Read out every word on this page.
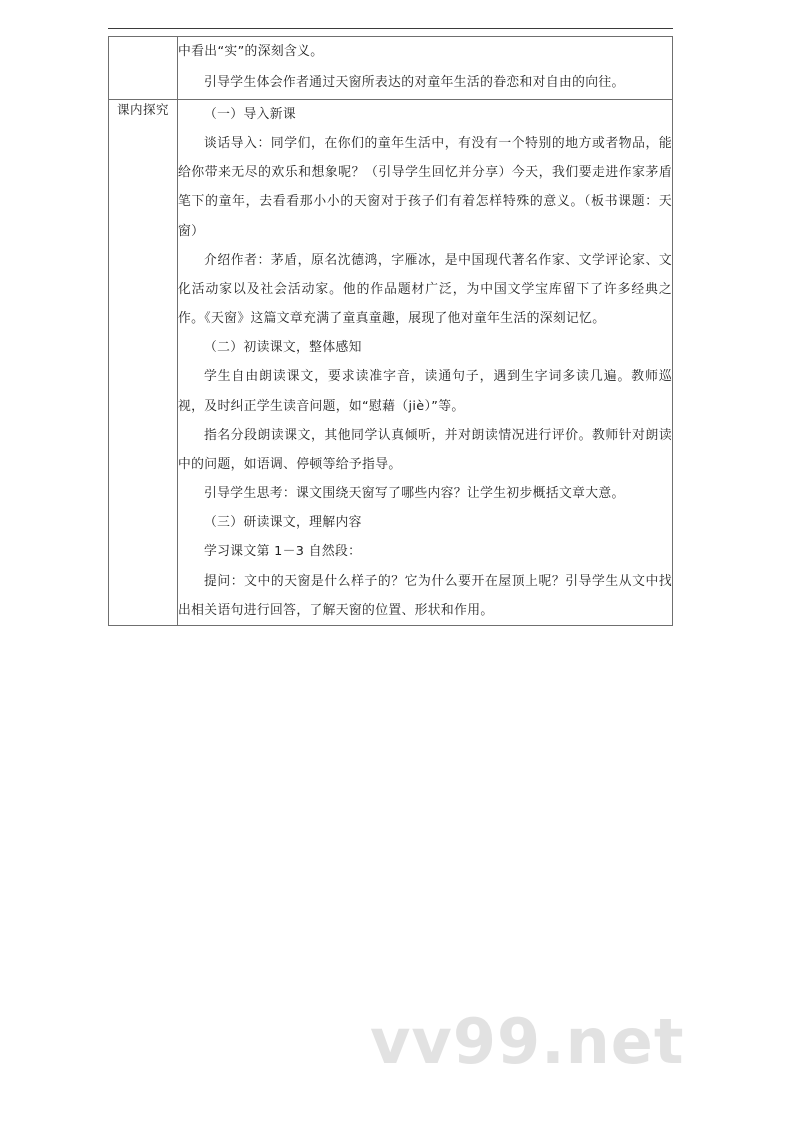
	中看出“实”的深刻含义。

引导学生体会作者通过天窗所表达的对童年生活的眷恋和对自由的向往。

课内探究	（一）导入新课

谈话导入：同学们，在你们的童年生活中，有没有一个特别的地方或者物品，能给你带来无尽的欢乐和想象呢？（引导学生回忆并分享）今天，我们要走进作家茅盾笔下的童年，去看看那小小的天窗对于孩子们有着怎样特殊的意义。（板书课题：天窗）

介绍作者：茅盾，原名沈德鸿，字雁冰，是中国现代著名作家、文学评论家、文化活动家以及社会活动家。他的作品题材广泛，为中国文学宝库留下了许多经典之作。《天窗》这篇文章充满了童真童趣，展现了他对童年生活的深刻记忆。

（二）初读课文，整体感知

学生自由朗读课文，要求读准字音，读通句子，遇到生字词多读几遍。教师巡视，及时纠正学生读音问题，如“慰藉（jiè）”等。

指名分段朗读课文，其他同学认真倾听，并对朗读情况进行评价。教师针对朗读中的问题，如语调、停顿等给予指导。

引导学生思考：课文围绕天窗写了哪些内容？让学生初步概括文章大意。

（三）研读课文，理解内容

学习课文第 1－3 自然段：

提问：文中的天窗是什么样子的？它为什么要开在屋顶上呢？引导学生从文中找出相关语句进行回答，了解天窗的位置、形状和作用。

vv99.net
